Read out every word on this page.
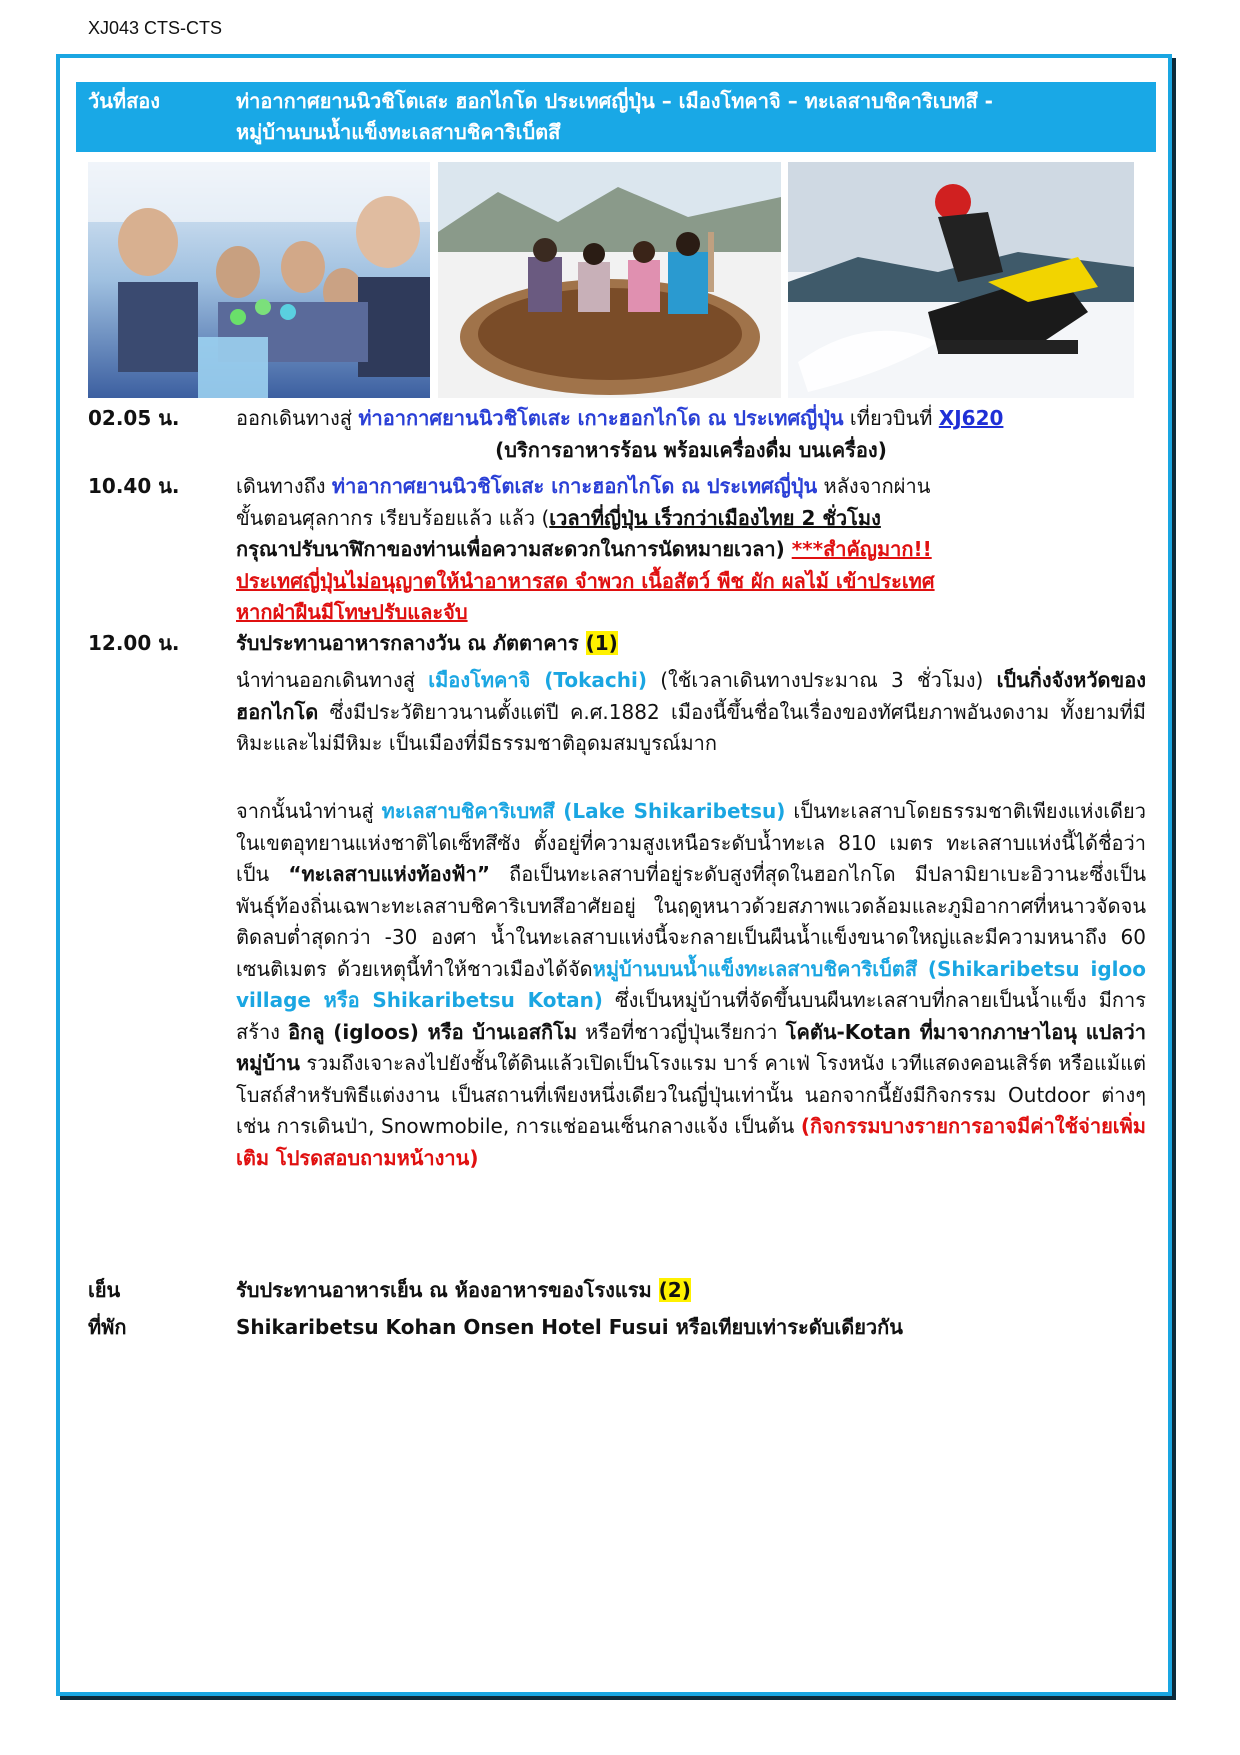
XJ043 CTS-CTS
วันที่สอง	ท่าอากาศยานนิวชิโตเสะ ฮอกไกโด ประเทศญี่ปุ่น – เมืองโทคาจิ – ทะเลสาบชิคาริเบทสึ -
หมู่บ้านบนน้ำแข็งทะเลสาบชิคาริเบ็ตสึ
02.05 น.	ออกเดินทางสู่ ท่าอากาศยานนิวชิโตเสะ เกาะฮอกไกโด ณ ประเทศญี่ปุ่น เที่ยวบินที่ XJ620
(บริการอาหารร้อน พร้อมเครื่องดื่ม บนเครื่อง)
10.40 น.	เดินทางถึง ท่าอากาศยานนิวชิโตเสะ เกาะฮอกไกโด ณ ประเทศญี่ปุ่น หลังจากผ่าน
ขั้นตอนศุลกากร เรียบร้อยแล้ว แล้ว (เวลาที่ญี่ปุ่น เร็วกว่าเมืองไทย 2 ชั่วโมง
กรุณาปรับนาฬิกาของท่านเพื่อความสะดวกในการนัดหมายเวลา) ***สำคัญมาก!!
ประเทศญี่ปุ่นไม่อนุญาตให้นำอาหารสด จำพวก เนื้อสัตว์ พืช ผัก ผลไม้ เข้าประเทศ
หากฝ่าฝืนมีโทษปรับและจับ
12.00 น.	รับประทานอาหารกลางวัน ณ ภัตตาคาร (1)
นำท่านออกเดินทางสู่ เมืองโทคาจิ (Tokachi) (ใช้เวลาเดินทางประมาณ 3 ชั่วโมง) เป็นกิ่งจังหวัดของฮอกไกโด ซึ่งมีประวัติยาวนานตั้งแต่ปี ค.ศ.1882 เมืองนี้ขึ้นชื่อในเรื่องของทัศนียภาพอันงดงาม ทั้งยามที่มีหิมะและไม่มีหิมะ เป็นเมืองที่มีธรรมชาติอุดมสมบูรณ์มาก
จากนั้นนำท่านสู่ ทะเลสาบชิคาริเบทสึ (Lake Shikaribetsu) เป็นทะเลสาบโดยธรรมชาติเพียงแห่งเดียวในเขตอุทยานแห่งชาติไดเซ็ทสึซัง ตั้งอยู่ที่ความสูงเหนือระดับน้ำทะเล 810 เมตร ทะเลสาบแห่งนี้ได้ชื่อว่าเป็น “ทะเลสาบแห่งท้องฟ้า” ถือเป็นทะเลสาบที่อยู่ระดับสูงที่สุดในฮอกไกโด มีปลามิยาเบะอิวานะซึ่งเป็นพันธุ์ท้องถิ่นเฉพาะทะเลสาบชิคาริเบทสึอาศัยอยู่ ในฤดูหนาวด้วยสภาพแวดล้อมและภูมิอากาศที่หนาวจัดจนติดลบต่ำสุดกว่า -30 องศา น้ำในทะเลสาบแห่งนี้จะกลายเป็นผืนน้ำแข็งขนาดใหญ่และมีความหนาถึง 60 เซนติเมตร ด้วยเหตุนี้ทำให้ชาวเมืองได้จัดหมู่บ้านบนน้ำแข็งทะเลสาบชิคาริเบ็ตสึ (Shikaribetsu igloo village หรือ Shikaribetsu Kotan) ซึ่งเป็นหมู่บ้านที่จัดขึ้นบนผืนทะเลสาบที่กลายเป็นน้ำแข็ง มีการสร้าง อิกลู (igloos) หรือ บ้านเอสกิโม หรือที่ชาวญี่ปุ่นเรียกว่า โคตัน-Kotan ที่มาจากภาษาไอนุ แปลว่า หมู่บ้าน รวมถึงเจาะลงไปยังชั้นใต้ดินแล้วเปิดเป็นโรงแรม บาร์ คาเฟ่ โรงหนัง เวทีแสดงคอนเสิร์ต หรือแม้แต่โบสถ์สำหรับพิธีแต่งงาน เป็นสถานที่เพียงหนึ่งเดียวในญี่ปุ่นเท่านั้น นอกจากนี้ยังมีกิจกรรม Outdoor ต่างๆ เช่น การเดินป่า, Snowmobile, การแช่ออนเซ็นกลางแจ้ง เป็นต้น (กิจกรรมบางรายการอาจมีค่าใช้จ่ายเพิ่มเติม โปรดสอบถามหน้างาน)
เย็น	รับประทานอาหารเย็น ณ ห้องอาหารของโรงแรม (2)
ที่พัก	Shikaribetsu Kohan Onsen Hotel Fusui หรือเทียบเท่าระดับเดียวกัน
